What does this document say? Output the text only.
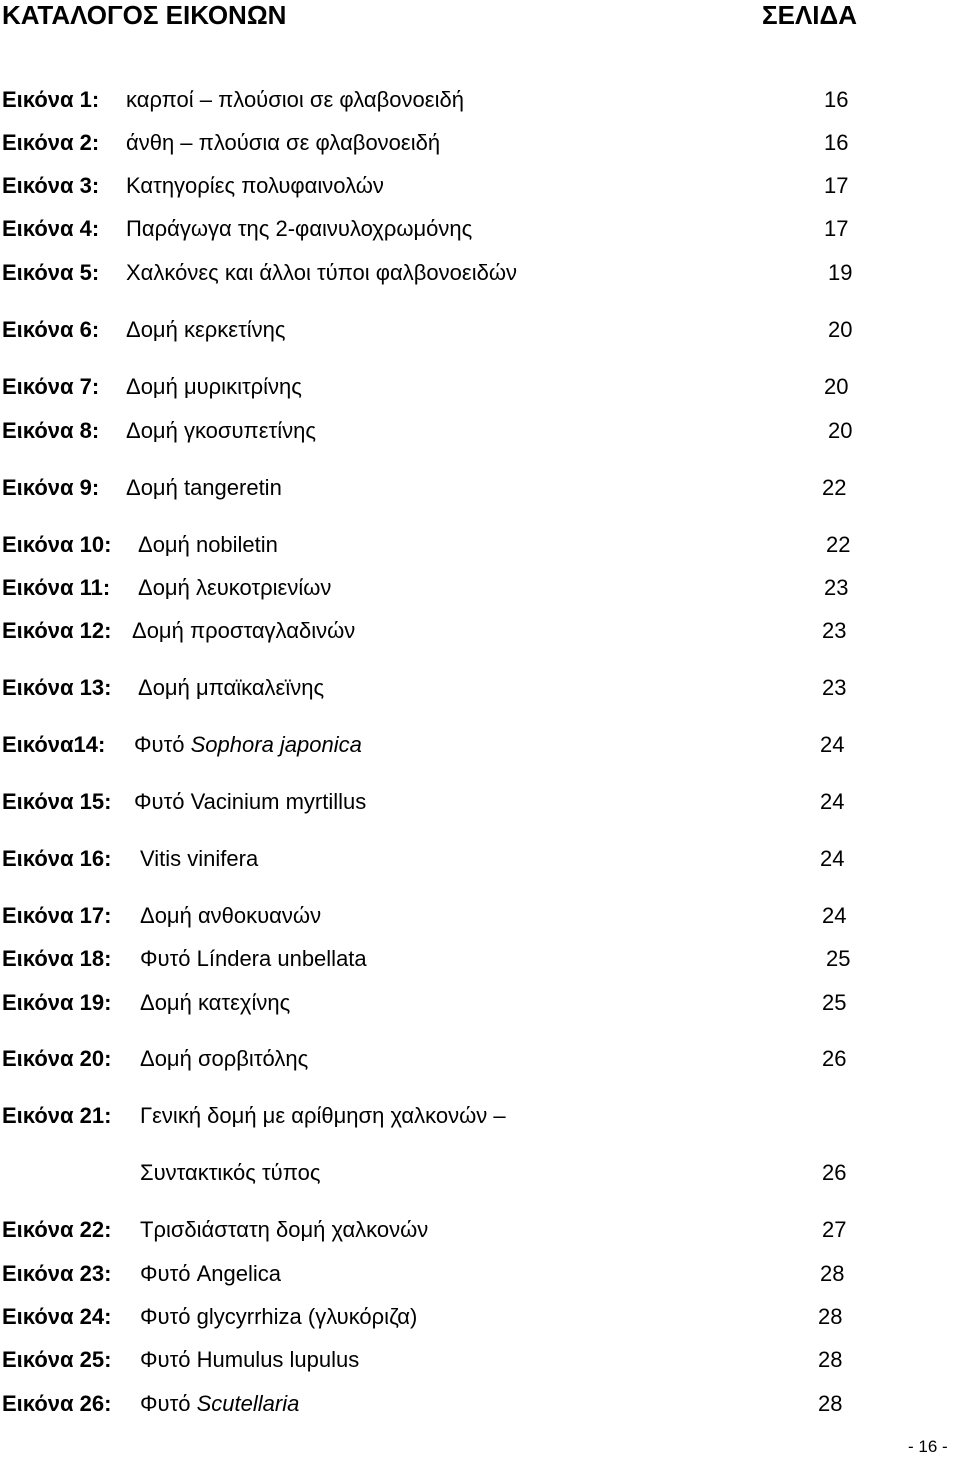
ΚΑΤΑΛΟΓΟΣ ΕΙΚΟΝΩΝ	ΣΕΛΙΔΑ
Εικόνα 1: καρποί – πλούσιοι σε φλαβονοειδή	16
Εικόνα 2: άνθη – πλούσια σε φλαβονοειδή	16
Εικόνα 3: Κατηγορίες πολυφαινολών	17
Εικόνα 4: Παράγωγα της 2-φαινυλοχρωμόνης	17
Εικόνα 5: Χαλκόνες και άλλοι τύποι φαλβονοειδών	19
Εικόνα 6: Δομή κερκετίνης	20
Εικόνα 7: Δομή μυρικιτρίνης	20
Εικόνα 8: Δομή γκοσυπετίνης	20
Εικόνα 9: Δομή tangeretin	22
Εικόνα 10: Δομή nobiletin	22
Εικόνα 11: Δομή λευκοτριενίων	23
Εικόνα 12: Δομή προσταγλαδινών	23
Εικόνα 13: Δομή μπαϊκαλεϊνης	23
Εικόνα14: Φυτό Sophora japonica	24
Εικόνα 15: Φυτό Vacinium myrtillus	24
Εικόνα 16: Vitis vinifera	24
Εικόνα 17: Δομή ανθοκυανών	24
Εικόνα 18: Φυτό Líndera unbellata	25
Εικόνα 19: Δομή κατεχίνης	25
Εικόνα 20: Δομή σορβιτόλης	26
Εικόνα 21: Γενική δομή με αρίθμηση χαλκονών –
Συντακτικός τύπος	26
Εικόνα 22: Τρισδιάστατη δομή χαλκονών	27
Εικόνα 23: Φυτό Angelica	28
Εικόνα 24: Φυτό glycyrrhiza (γλυκόριζα)	28
Εικόνα 25: Φυτό Humulus lupulus	28
Εικόνα 26: Φυτό Scutellaria	28
- 16 -
